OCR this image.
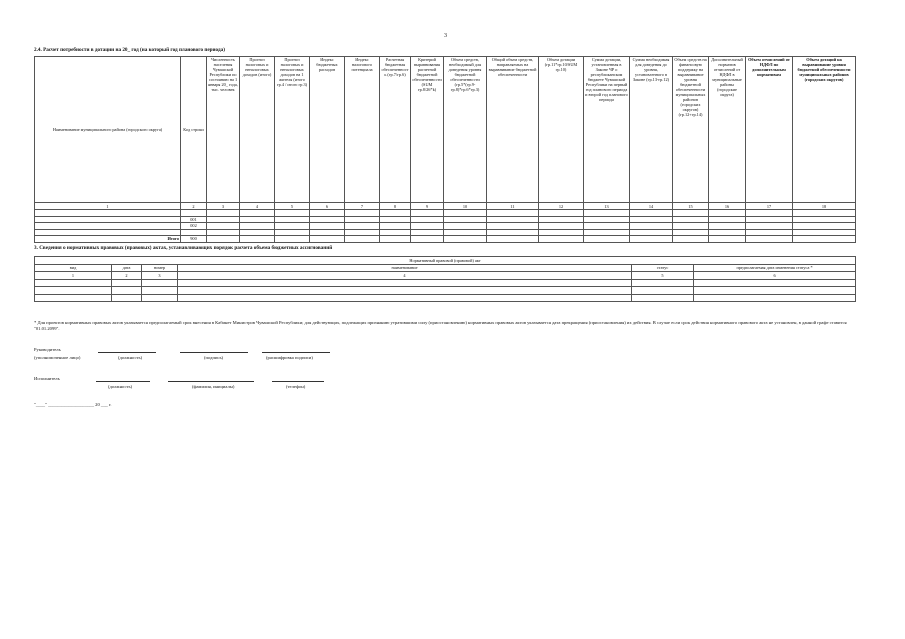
3
2.4. Расчет потребности в дотации на 20_ год (на который год планового периода)
Наименование муниципального района (городского округа)	Код строки	Численность населения Чувашской Республики по состоянию на 1 января 20_ года, тыс. человек	Прогноз налоговых и неналоговых доходов (итого)	Прогноз налоговых и неналоговых доходов на 1 жителя (итого гр.4 / итого гр.3)	Индекс бюджетных расходов	Индекс налогового потенциала	Расчетная бюджетная обеспеченность (гр.7/гр.6)	Критерий выравнивания расчетной бюджетной обеспеченности (SUM гр.8/26*k)	Объем средств, необходимый для доведения уровня бюджетной обеспеченности (гр.5*(гр.9-гр.8)*гр.6*гр.3)	Общий объем средств, направляемых на выравнивание бюджетной обеспеченности	Объем дотации (гр.11*гр.10/SUM гр.10)	Сумма дотации, установленная в Законе ЧР о республиканском бюджете Чувашской Республики на первый год планового периода и второй год планового периода	Сумма необходимая для доведения до уровня, установленного в Законе (гр.13-гр.12)	Объем средств на финансовую поддержку на выравнивание уровня бюджетной обеспеченности муниципальных районов (городских округов) (гр.12+гр.14)	Дополнительный норматив отчислений от НДФЛ в муниципальные районы (городские округа)	Объем отчислений от НДФЛ по дополнительным нормативам	Объем дотаций на выравнивание уровня бюджетной обеспеченности муниципальных районов (городских округов)
1	2	3	4	5	6	7	8	9	10	11	12	13	14	15	16	17	18

	001																
	002																

Итого	900																
3. Сведения о нормативных правовых (правовых) актах, устанавливающих порядок расчета объема бюджетных ассигнований
Нормативный правовой (правовой) акт					
вид	дата	номер	наименование	статус	предполагаемая дата изменения статуса *
1	2	3	4	5	6

* Для проектов нормативных правовых актов указывается предполагаемый срок внесения в Кабинет Министров Чувашской Республики; для действующих, подлежащих признанию утратившими силу (приостановлению) нормативных правовых актов указывается дата прекращения (приостановления) их действия. В случае если срок действия нормативного правового акта не установлен, в данной графе ставится "01.01.2099".
Руководитель
(уполномоченное лицо)	(должность)	(подпись)	(расшифровка подписи)
Исполнитель
(должность)	(фамилия, инициалы)	(телефон)
"____" ____________________ 20 ___ г.
